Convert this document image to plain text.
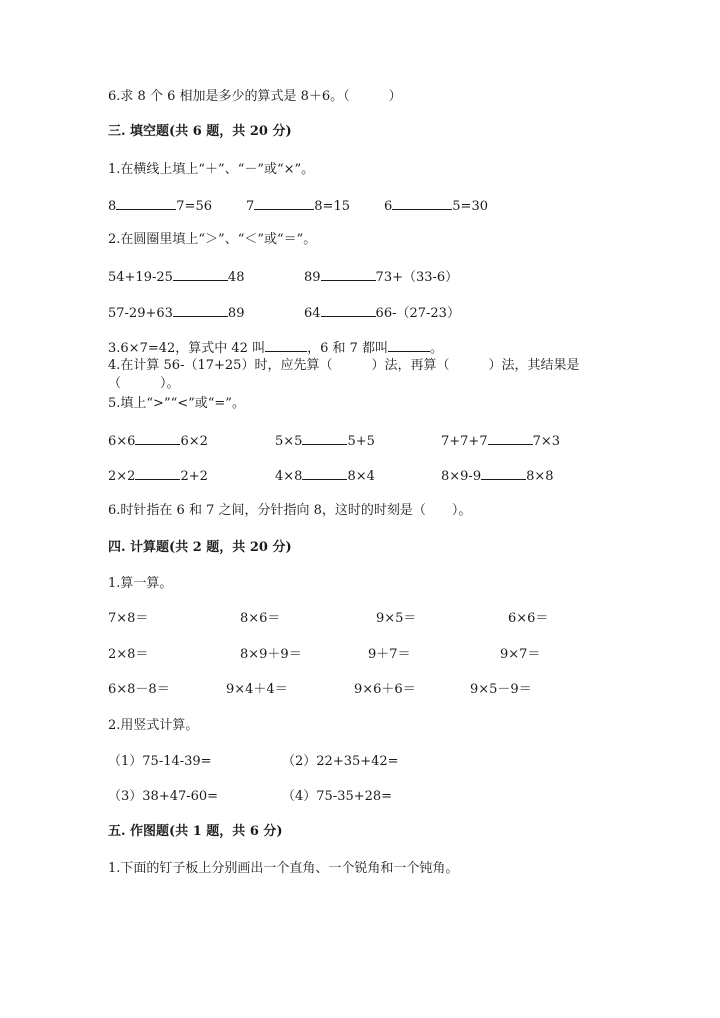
6.求 8 个 6 相加是多少的算式是 8＋6。（　　　）
三. 填空题(共 6 题，共 20 分)
1.在横线上填上“＋”、“－”或“×”。
8	7=56	7	8=15	6	5=30
2.在圆圈里填上“＞”、“＜”或“＝”。
54+19-25	48	89	73+（33-6）
57-29+63	89	64	66-（27-23）
3.6×7=42，算式中 42 叫	，6 和 7 都叫	。
4.在计算 56-（17+25）时，应先算（　　　）法，再算（　　　）法，其结果是
（　　　）。
5.填上“>”“<”或“=”。
6×6	6×2	5×5	5+5	7+7+7	7×3
2×2	2+2	4×8	8×4	8×9-9	8×8
6.时针指在 6 和 7 之间，分针指向 8，这时的时刻是（　　）。
四. 计算题(共 2 题，共 20 分)
1.算一算。
7×8＝	8×6＝	9×5＝	6×6＝
2×8＝	8×9＋9＝	9＋7＝	9×7＝
6×8－8＝	9×4＋4＝	9×6＋6＝	9×5－9＝
2.用竖式计算。
（1）75-14-39=	（2）22+35+42=
（3）38+47-60=	（4）75-35+28=
五. 作图题(共 1 题，共 6 分)
1.下面的钉子板上分别画出一个直角、一个锐角和一个钝角。
